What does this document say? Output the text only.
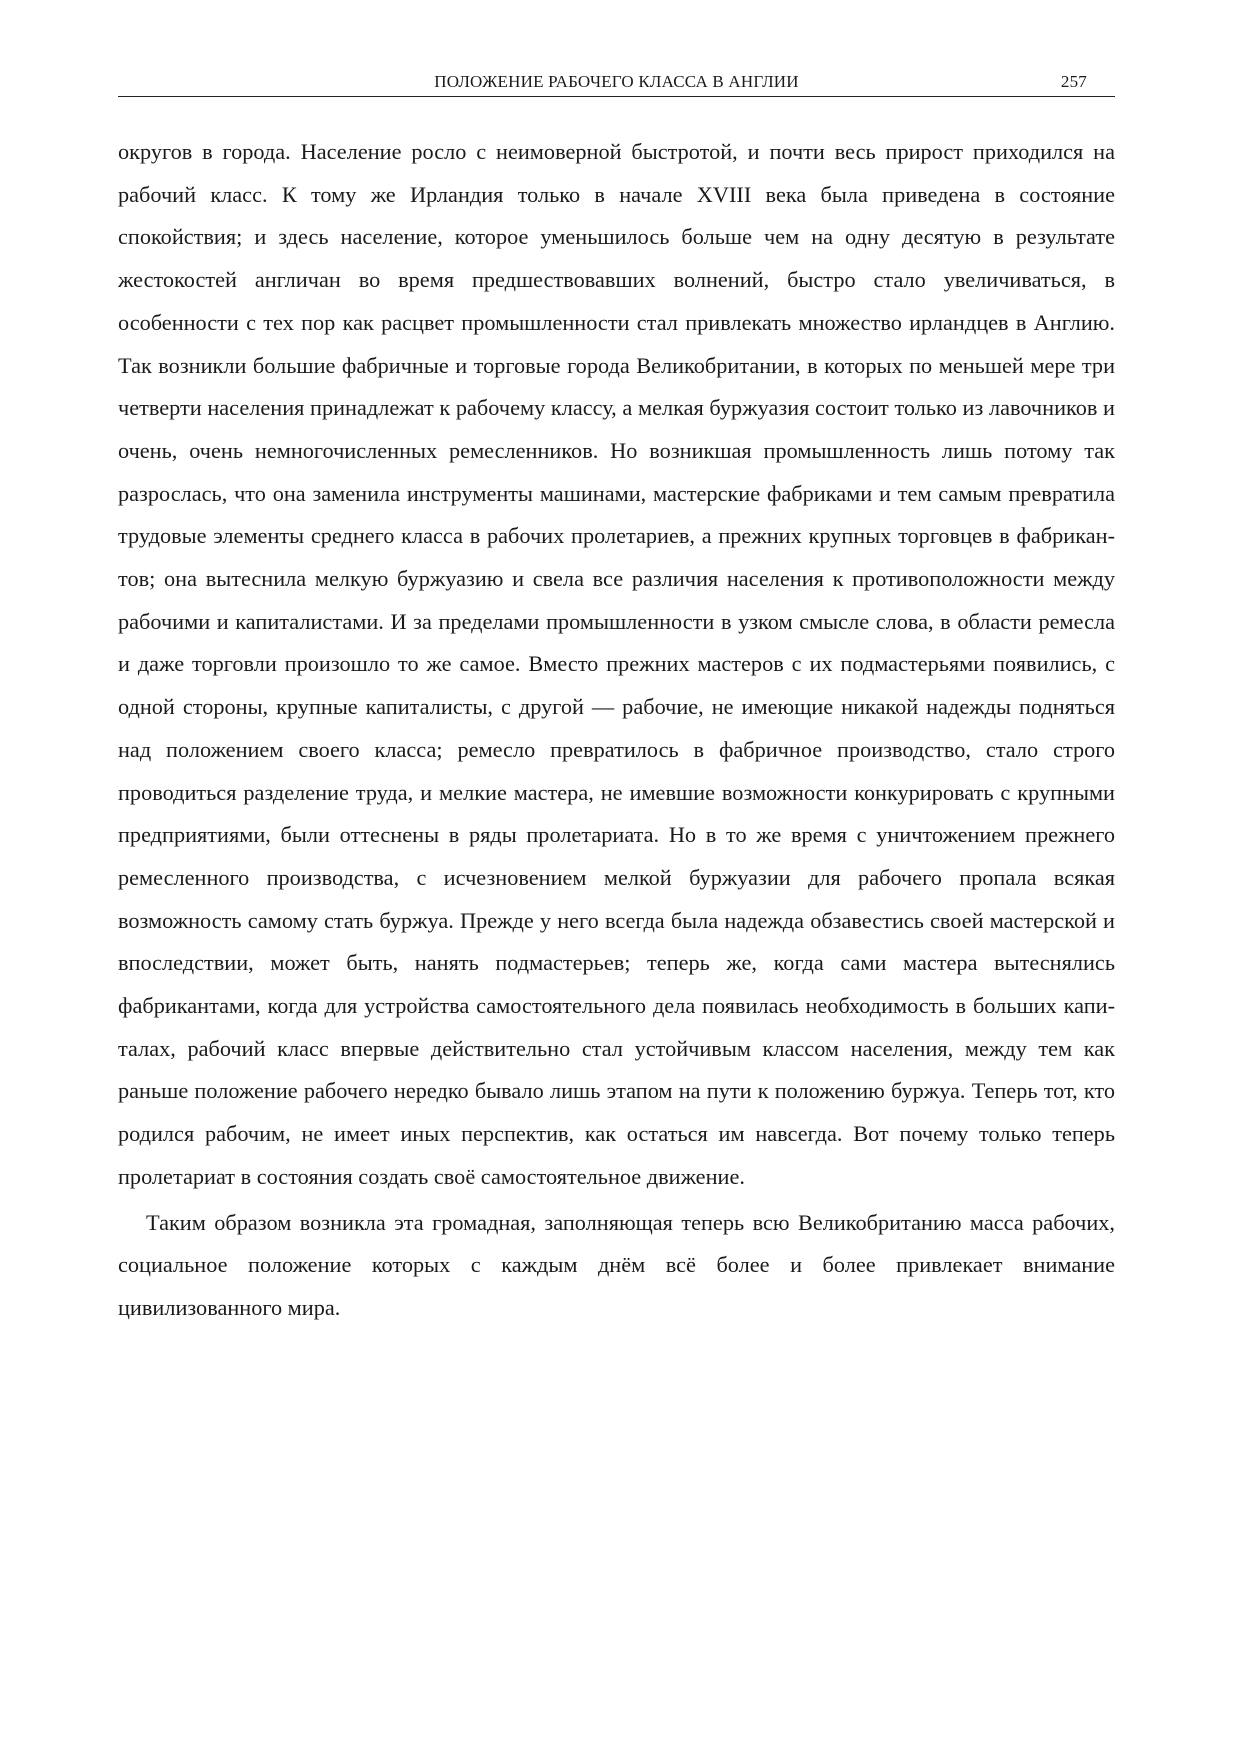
ПОЛОЖЕНИЕ РАБОЧЕГО КЛАССА В АНГЛИИ	257

округов в города. Население росло с неимоверной быстротой, и почти весь прирост приходился на рабочий класс. К тому же Ирландия только в начале XVIII века была приведена в состояние спокойствия; и здесь население, которое уменьшилось больше чем на одну десятую в результате жестокостей англичан во время предшествовавших волнений, быстро стало увеличиваться, в особенности с тех пор как расцвет промышленности стал привлекать множество ирландцев в Англию. Так возникли большие фабричные и торговые города Великобритании, в которых по меньшей мере три четверти населения принадлежат к рабочему классу, а мелкая буржуазия состоит только из лавочников и очень, очень немногочисленных ремесленников. Но возникшая промышленность лишь потому так разрослась, что она заменила инструменты машинами, мастерские фабриками и тем самым превратила трудовые элементы среднего класса в рабочих пролетариев, а прежних крупных торговцев в фабрикантов; она вытеснила мелкую буржуазию и свела все различия населения к противоположности между рабочими и капиталистами. И за пределами промышленности в узком смысле слова, в области ремесла и даже торговли произошло то же самое. Вместо прежних мастеров с их подмастерьями появились, с одной стороны, крупные капиталисты, с другой — рабочие, не имеющие никакой надежды подняться над положением своего класса; ремесло превратилось в фабричное производство, стало строго проводиться разделение труда, и мелкие мастера, не имевшие возможности конкурировать с крупными предприятиями, были оттеснены в ряды пролетариата. Но в то же время с уничтожением прежнего ремесленного производства, с исчезновением мелкой буржуазии для рабочего пропала всякая возможность самому стать буржуа. Прежде у него всегда была надежда обзавестись своей мастерской и впоследствии, может быть, нанять подмастерьев; теперь же, когда сами мастера вытеснялись фабрикантами, когда для устройства самостоятельного дела появилась необходимость в больших капиталах, рабочий класс впервые действительно стал устойчивым классом населения, между тем как раньше положение рабочего нередко бывало лишь этапом на пути к положению буржуа. Теперь тот, кто родился рабочим, не имеет иных перспектив, как остаться им навсегда. Вот почему только теперь пролетариат в состояния создать своё самостоятельное движение.

Таким образом возникла эта громадная, заполняющая теперь всю Великобританию масса рабочих, социальное положение которых с каждым днём всё более и более привлекает внимание цивилизованного мира.
